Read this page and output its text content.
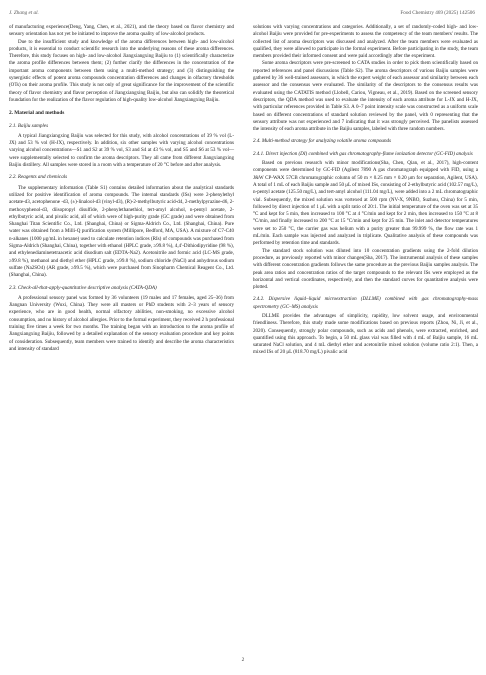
J. Zhang et al.	Food Chemistry 469 (2025) 142506

of manufacturing experience(Deng, Yang, Chen, et al., 2021), and the theory based on flavor chemistry and sensory orientation has not yet be initiated to improve the aroma quality of low-alcohol products.

Due to the insufficient study and knowledge of the aroma differences between high- and low-alcohol products, it is essential to conduct scientific research into the underlying reasons of these aroma differences. Therefore, this study focuses on high- and low-alcohol Jiangxiangxing Baijiu to (1) scientifically characterize the aroma profile differences between them; (2) further clarify the differences in the concentration of the important aroma components between them using a multi-method strategy; and (3) distinguishing the synergistic effects of potent aroma compounds concentration differences and changes in olfactory thresholds (OTs) on their aroma profile. This study is not only of great significance for the improvement of the scientific theory of flavor chemistry and flavor perception of Jiangxiangxing Baijiu, but also can solidify the theoretical foundation for the realization of the flavor regulation of high-quality low-alcohol Jiangxiangxing Baijiu.

2. Material and methods
2.1. Baijiu samples

A typical Jiangxiangxing Baijiu was selected for this study, with alcohol concentrations of 39 % vol (L-JX) and 53 % vol (H-JX), respectively. In addition, six other samples with varying alcohol concentrations varying alcohol concentrations—S1 and S2 at 39 % vol, S3 and S4 at 43 % vol, and S5 and S6 at 53 % vol—were supplementally selected to confirm the aroma descriptors. They all came from different Jiangxiangxing Baijiu distillery. All samples were stored in a room with a temperature of 20 °C before and after analysis.

2.2. Reagents and chemicals

The supplementary information (Table S1) contains detailed information about the analytical standards utilized for positive identification of aroma compounds. The internal standards (ISs) were 2-phenylethyl acetate-d3, acetophenone -d3, (±)-linalool-d3 (vinyl-d3), (R)-2-methylbutyric acid-d4, 2-methylpyrazine-d6, 2-methoxyphenol-d3, diisopropyl disulfide, 2-phenylethanethiol, tert-amyl alcohol, n-pentyl acetate, 2-ethylbutyric acid, and pivalic acid, all of which were of high-purity grade (GC grade) and were obtained from Shanghai Titan Scientific Co., Ltd. (Shanghai, China) or Sigma-Aldrich Co., Ltd. (Shanghai, China). Pure water was obtained from a Milli-Q purification system (Millipore, Bedford, MA, USA). A mixture of C7-C40 n-alkanes (1000 μg/mL in hexane) used to calculate retention indices (RIs) of compounds was purchased from Sigma-Aldrich (Shanghai, China), together with ethanol (HPLC grade, ≥99.8 %), 4,4′-Dithiodipyridine (98 %), and ethylenediaminetetraacetic acid disodium salt (EDTA-Na2). Acetonitrile and formic acid (LC-MS grade, ≥99.8 %), methanol and diethyl ether (HPLC grade, ≥99.8 %), sodium chloride (NaCl) and anhydrous sodium sulfate (Na2SO4) (AR grade, ≥99.5 %), which were purchased from Sinopharm Chemical Reagent Co., Ltd. (Shanghai, China).

2.3. Check-all-that-apply-quantitative descriptive analysis (CATA-QDA)

A professional sensory panel was formed by 36 volunteers (19 males and 17 females, aged 25–36) from Jiangnan University (Wuxi, China). They were all masters or PhD students with 2–3 years of sensory experience, who are in good health, normal olfactory abilities, non-smoking, no excessive alcohol consumption, and no history of alcohol allergies. Prior to the formal experiment, they received 2 h professional training five times a week for two months. The training began with an introduction to the aroma profile of Jiangxiangxing Baijiu, followed by a detailed explanation of the sensory evaluation procedure and key points of consideration. Subsequently, team members were trained to identify and describe the aroma characteristics and intensity of standard

solutions with varying concentrations and categories. Additionally, a set of randomly-coded high- and low-alcohol Baijiu were provided for pre-experiments to assess the competency of the team members' results. The collected list of aroma descriptors was discussed and analyzed. After the team members were evaluated as qualified, they were allowed to participate in the formal experiment. Before participating in the study, the team members provided their informed consent and were paid accordingly after the experiment.

Some aroma descriptors were pre-screened to CATA studies in order to pick them scientifically based on reported references and panel discussions (Table S2). The aroma descriptors of various Baijiu samples were gathered by 36 well-trained assessors, in which the expert weight of each assessor and similarity between each assessor and the consensus were evaluated. The similarity of the descriptors to the consensus results was evaluated using the CATATIS method (Llobell, Cariou, Vigneau, et al., 2019). Based on the screened sensory descriptors, the QDA method was used to evaluate the intensity of each aroma attribute for L-JX and H-JX, with particular references provided in Table S3. A 0–7 point intensity scale was constructed as a uniform scale based on different concentrations of standard solution reviewed by the panel, with 0 representing that the sensory attribute was not experienced and 7 indicating that it was strongly perceived. The panelists assessed the intensity of each aroma attribute in the Baijiu samples, labeled with three random numbers.

2.4. Multi-method strategy for analyzing volatile aroma compounds
2.4.1. Direct injection (DI) combined with gas chromatography-flame ionization detector (GC-FID) analysis

Based on previous research with minor modifications(Sha, Chen, Qian, et al., 2017), high-content components were determined by GC-FID (Agilent 7890 A gas chromatograph equipped with FID, using a J&W CP-WAX 57CB chromatographic column of 50 m × 0.25 mm × 0.20 μm for separation, Agilent, USA). A total of 1 mL of each Baijiu sample and 50 μL of mixed ISs, consisting of 2-ethylbutyric acid (102.57 mg/L), n-pentyl acetate (125.50 mg/L), and tert-amyl alcohol (111.04 mg/L), were added into a 2 mL chromatographic vial. Subsequently, the mixed solution was vortexed at 500 rpm (NV-X, 9NBO, Suzhou, China) for 5 min, followed by direct injection of 1 μL with a split ratio of 20:1. The initial temperature of the oven was set at 35 °C and kept for 5 min, then increased to 100 °C at 4 °C/min and kept for 2 min, then increased to 150 °C at 8 °C/min, and finally increased to 200 °C at 15 °C/min and kept for 25 min. The inlet and detector temperatures were set to 250 °C, the carrier gas was helium with a purity greater than 99.999 %, the flow rate was 1 mL/min. Each sample was injected and analyzed in triplicate. Qualitative analysis of these compounds was performed by retention time and standards.

The standard stock solution was diluted into 10 concentration gradients using the 2-fold dilution procedure, as previously reported with minor changes(Sha, 2017). The instrumental analysis of these samples with different concentration gradients follows the same procedure as the previous Baijiu samples analysis. The peak area ratios and concentration ratios of the target compounds to the relevant ISs were employed as the horizontal and vertical coordinates, respectively, and then the standard curves for quantitative analysis were plotted.

2.4.2. Dispersive liquid–liquid microextraction (DLLME) combined with gas chromatography-mass spectrometry (GC–MS) analysis

DLLME provides the advantages of simplicity, rapidity, low solvent usage, and environmental friendliness. Therefore, this study made some modifications based on previous reports (Zhou, Ni, Ji, et al., 2020). Consequently, strongly polar compounds, such as acids and phenols, were extracted, enriched, and quantified using this approach. To begin, a 50 mL glass vial was filled with 4 mL of Baijiu sample, 16 mL saturated NaCl solution, and 4 mL diethyl ether and acetonitrile mixed solution (volume ratio 2:1). Then, a mixed ISs of 20 μL (818.70 mg/L) pivalic acid

2
